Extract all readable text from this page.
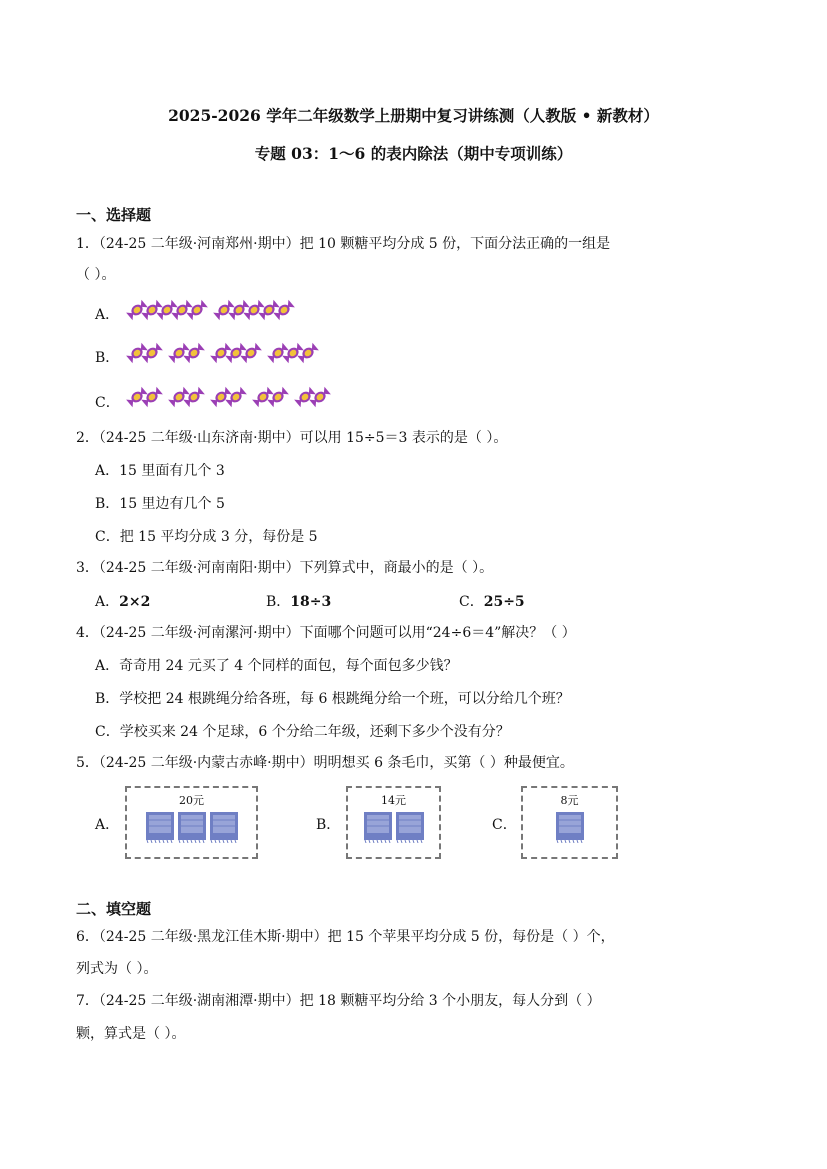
2025-2026 学年二年级数学上册期中复习讲练测（人教版 • 新教材）
专题 03：1～6 的表内除法（期中专项训练）
一、选择题
1．（24-25 二年级·河南郑州·期中）把 10 颗糖平均分成 5 份，下面分法正确的一组是
（ ）。
A．
B．
C．
2．（24-25 二年级·山东济南·期中）可以用 15÷5＝3 表示的是（ ）。
A．15 里面有几个 3
B．15 里边有几个 5
C．把 15 平均分成 3 分，每份是 5
3．（24-25 二年级·河南南阳·期中）下列算式中，商最小的是（ ）。
A．2×2	B．18÷3	C．25÷5
4．（24-25 二年级·河南漯河·期中）下面哪个问题可以用“24÷6＝4”解决？（ ）
A．奇奇用 24 元买了 4 个同样的面包，每个面包多少钱？
B．学校把 24 根跳绳分给各班，每 6 根跳绳分给一个班，可以分给几个班？
C．学校买来 24 个足球，6 个分给二年级，还剩下多少个没有分？
5．（24-25 二年级·内蒙古赤峰·期中）明明想买 6 条毛巾，买第（ ）种最便宜。
A．
20元
B．
14元
C．
8元
二、填空题
6．（24-25 二年级·黑龙江佳木斯·期中）把 15 个苹果平均分成 5 份，每份是（ ）个，
列式为（ ）。
7．（24-25 二年级·湖南湘潭·期中）把 18 颗糖平均分给 3 个小朋友，每人分到（ ）
颗，算式是（ ）。
